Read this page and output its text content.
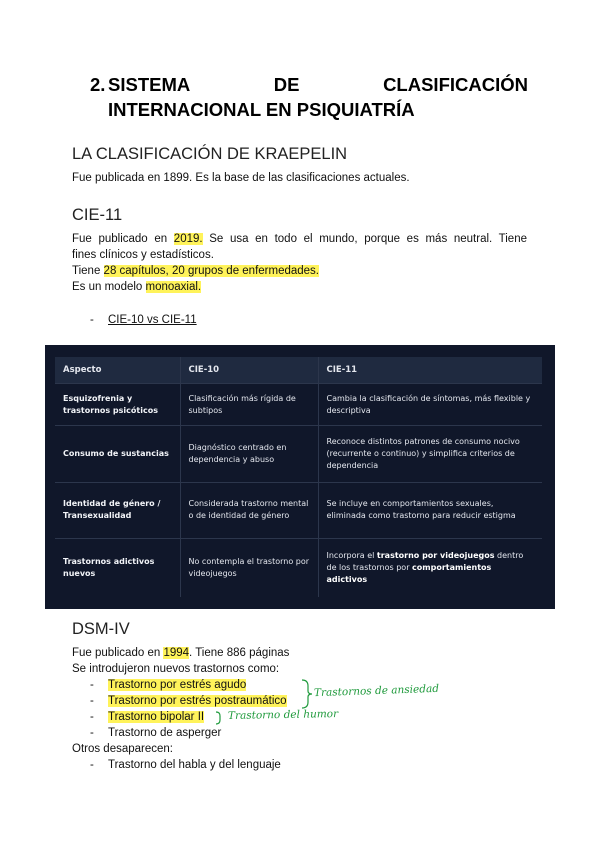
2. SISTEMA	DE	CLASIFICACIÓN
INTERNACIONAL EN PSIQUIATRÍA
LA CLASIFICACIÓN DE KRAEPELIN
Fue publicada en 1899. Es la base de las clasificaciones actuales.
CIE-11
Fue publicado en 2019. Se usa en todo el mundo, porque es más neutral. Tiene
fines clínicos y estadísticos.
Tiene 28 capítulos, 20 grupos de enfermedades.
Es un modelo monoaxial.
- CIE-10 vs CIE-11
Aspecto	CIE-10	CIE-11
Esquizofrenia y trastornos psicóticos	Clasificación más rígida de subtipos	Cambia la clasificación de síntomas, más flexible y descriptiva
Consumo de sustancias	Diagnóstico centrado en dependencia y abuso	Reconoce distintos patrones de consumo nocivo (recurrente o continuo) y simplifica criterios de dependencia
Identidad de género / Transexualidad	Considerada trastorno mental o de identidad de género	Se incluye en comportamientos sexuales, eliminada como trastorno para reducir estigma
Trastornos adictivos nuevos	No contempla el trastorno por videojuegos	Incorpora el trastorno por videojuegos dentro de los trastornos por comportamientos adictivos
DSM-IV
Fue publicado en 1994. Tiene 886 páginas
Se introdujeron nuevos trastornos como:
- Trastorno por estrés agudo
- Trastorno por estrés postraumático
- Trastorno bipolar II
- Trastorno de asperger
Otros desaparecen:
- Trastorno del habla y del lenguaje
Trastornos de ansiedad
Trastorno del humor
